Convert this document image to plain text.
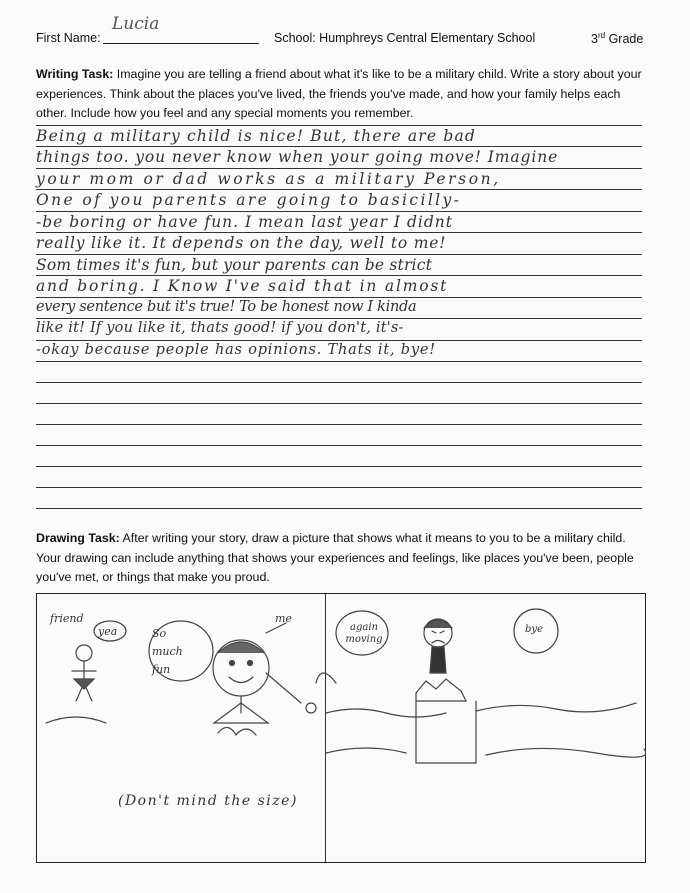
First Name:
Lucia
School: Humphreys Central Elementary School	3rd Grade
Writing Task: Imagine you are telling a friend about what it's like to be a military child. Write a story about your experiences. Think about the places you've lived, the friends you've made, and how your family helps each other. Include how you feel and any special moments you remember.
Being a military child is nice! But, there are bad
things too. you never know when your going move! Imagine
your mom or dad works as a military Person,
One of you parents are going to basicilly-
-be boring or have fun. I mean last year I didnt
really like it. It depends on the day, well to me!
Som times it's fun, but your parents can be strict
and boring. I Know I've said that in almost
every sentence but it's true! To be honest now I kinda
like it! If you like it, thats good! if you don't, it's-
-okay because people has opinions. Thats it, bye!
Drawing Task: After writing your story, draw a picture that shows what it means to you to be a military child. Your drawing can include anything that shows your experiences and feelings, like places you've been, people you've met, or things that make you proud.
friend
yea	So much fun
me
again moving
bye
(Don't mind the size)
